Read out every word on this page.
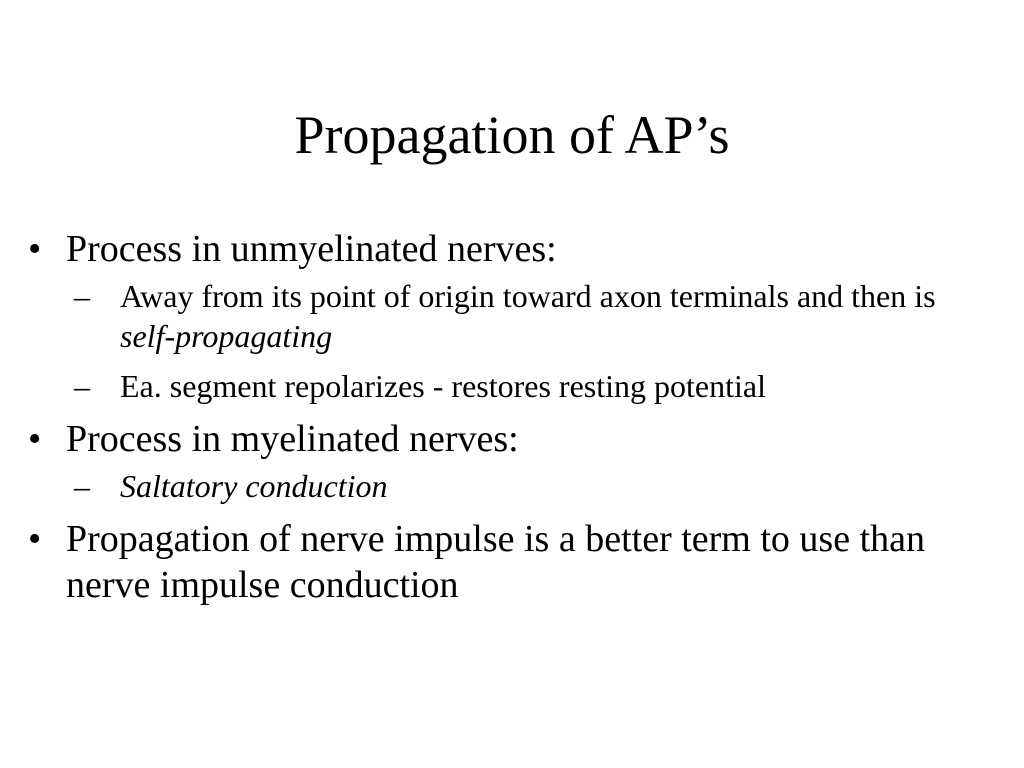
Propagation of AP’s
• Process in unmyelinated nerves:
– Away from its point of origin toward axon terminals and then is self-propagating
– Ea. segment repolarizes - restores resting potential
• Process in myelinated nerves:
– Saltatory conduction
• Propagation of nerve impulse is a better term to use than nerve impulse conduction
